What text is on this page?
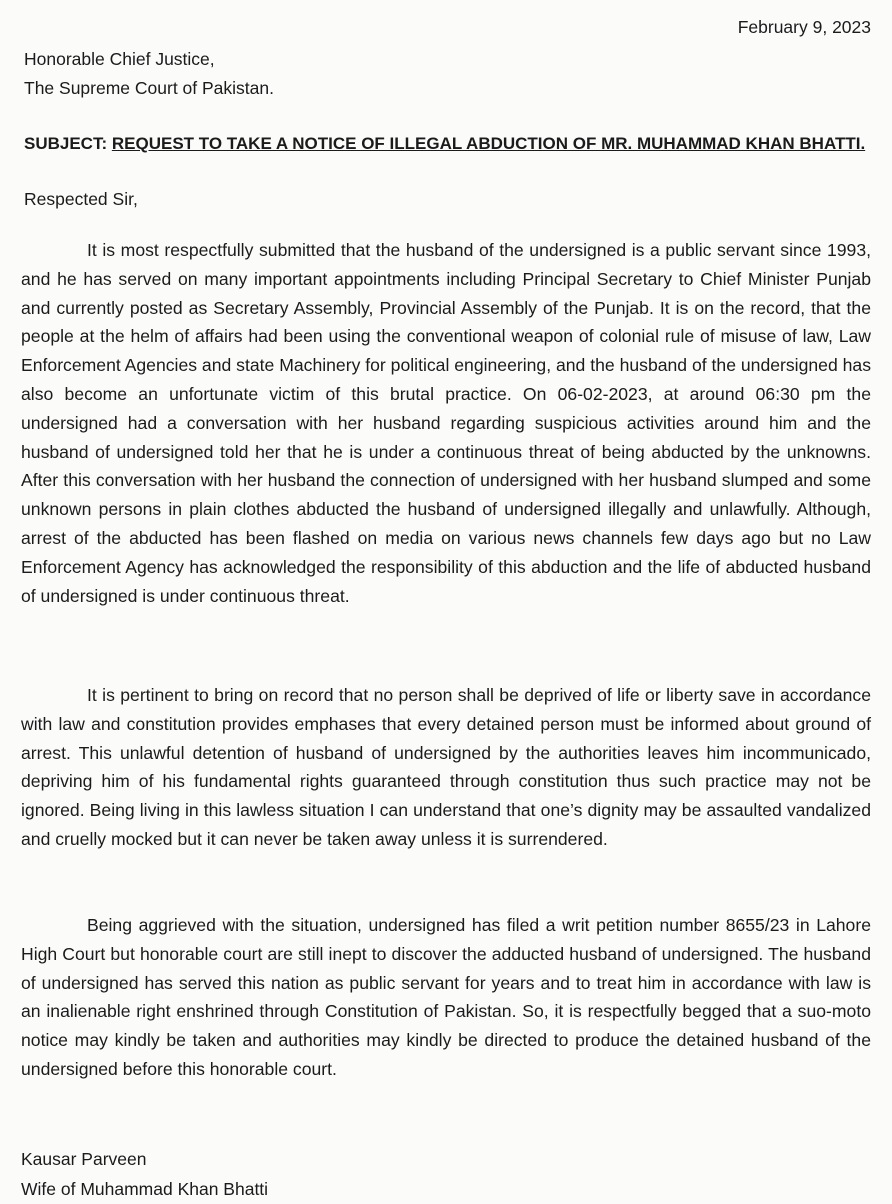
February 9, 2023
Honorable Chief Justice,
The Supreme Court of Pakistan.
SUBJECT: REQUEST TO TAKE A NOTICE OF ILLEGAL ABDUCTION OF MR. MUHAMMAD KHAN BHATTI.
Respected Sir,

It is most respectfully submitted that the husband of the undersigned is a public servant since 1993, and he has served on many important appointments including Principal Secretary to Chief Minister Punjab and currently posted as Secretary Assembly, Provincial Assembly of the Punjab. It is on the record, that the people at the helm of affairs had been using the conventional weapon of colonial rule of misuse of law, Law Enforcement Agencies and state Machinery for political engineering, and the husband of the undersigned has also become an unfortunate victim of this brutal practice. On 06-02-2023, at around 06:30 pm the undersigned had a conversation with her husband regarding suspicious activities around him and the husband of undersigned told her that he is under a continuous threat of being abducted by the unknowns. After this conversation with her husband the connection of undersigned with her husband slumped and some unknown persons in plain clothes abducted the husband of undersigned illegally and unlawfully. Although, arrest of the abducted has been flashed on media on various news channels few days ago but no Law Enforcement Agency has acknowledged the responsibility of this abduction and the life of abducted husband of undersigned is under continuous threat.

It is pertinent to bring on record that no person shall be deprived of life or liberty save in accordance with law and constitution provides emphases that every detained person must be informed about ground of arrest. This unlawful detention of husband of undersigned by the authorities leaves him incommunicado, depriving him of his fundamental rights guaranteed through constitution thus such practice may not be ignored. Being living in this lawless situation I can understand that one’s dignity may be assaulted vandalized and cruelly mocked but it can never be taken away unless it is surrendered.

Being aggrieved with the situation, undersigned has filed a writ petition number 8655/23 in Lahore High Court but honorable court are still inept to discover the adducted husband of undersigned. The husband of undersigned has served this nation as public servant for years and to treat him in accordance with law is an inalienable right enshrined through Constitution of Pakistan. So, it is respectfully begged that a suo-moto notice may kindly be taken and authorities may kindly be directed to produce the detained husband of the undersigned before this honorable court.

Kausar Parveen
Wife of Muhammad Khan Bhatti
